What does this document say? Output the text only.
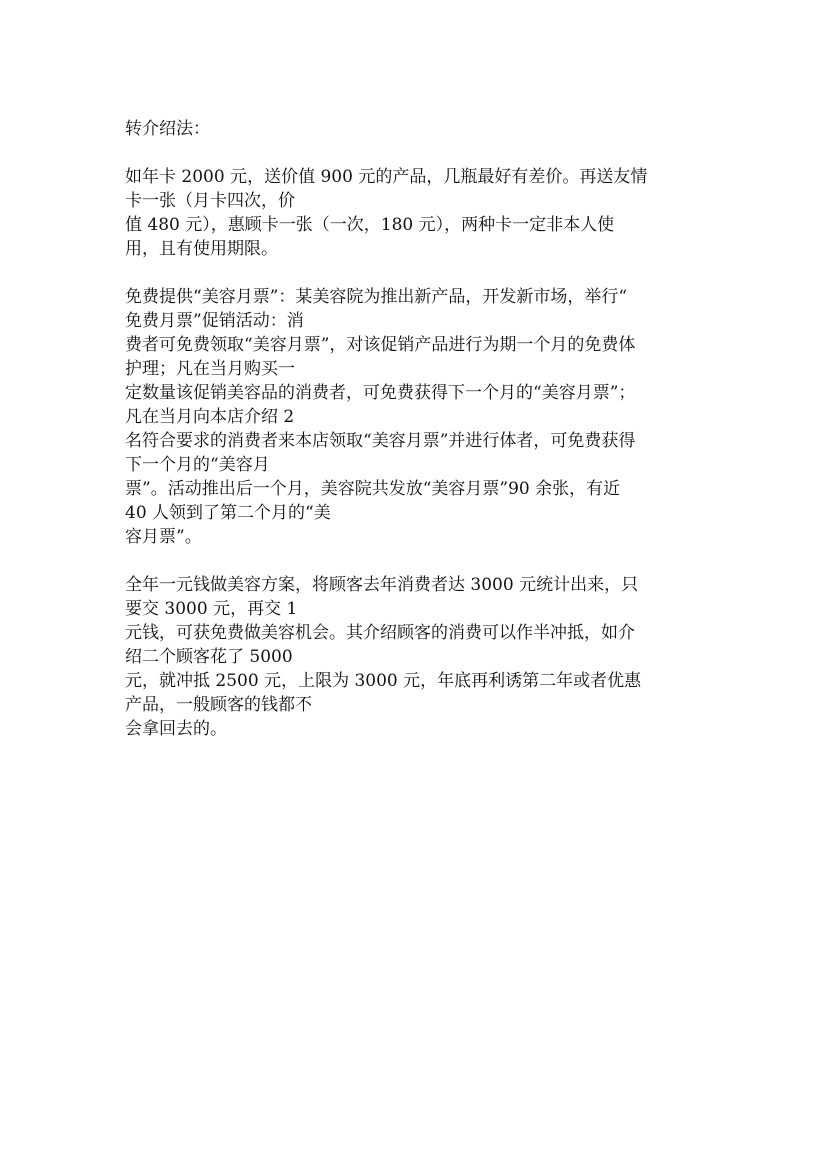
转介绍法：

如年卡 2000 元，送价值 900 元的产品，几瓶最好有差价。再送友情

卡一张（月卡四次，价

值 480 元），惠顾卡一张（一次，180 元），两种卡一定非本人使

用，且有使用期限。

免费提供“美容月票”：某美容院为推出新产品，开发新市场，举行“

免费月票”促销活动：消

费者可免费领取“美容月票”，对该促销产品进行为期一个月的免费体

护理；凡在当月购买一

定数量该促销美容品的消费者，可免费获得下一个月的“美容月票”；

凡在当月向本店介绍 2

名符合要求的消费者来本店领取“美容月票”并进行体者，可免费获得

下一个月的“美容月

票”。活动推出后一个月，美容院共发放“美容月票”90 余张，有近

40 人领到了第二个月的“美

容月票”。

全年一元钱做美容方案，将顾客去年消费者达 3000 元统计出来，只

要交 3000 元，再交 1

元钱，可获免费做美容机会。其介绍顾客的消费可以作半冲抵，如介

绍二个顾客花了 5000

元，就冲抵 2500 元，上限为 3000 元，年底再利诱第二年或者优惠

产品，一般顾客的钱都不

会拿回去的。
